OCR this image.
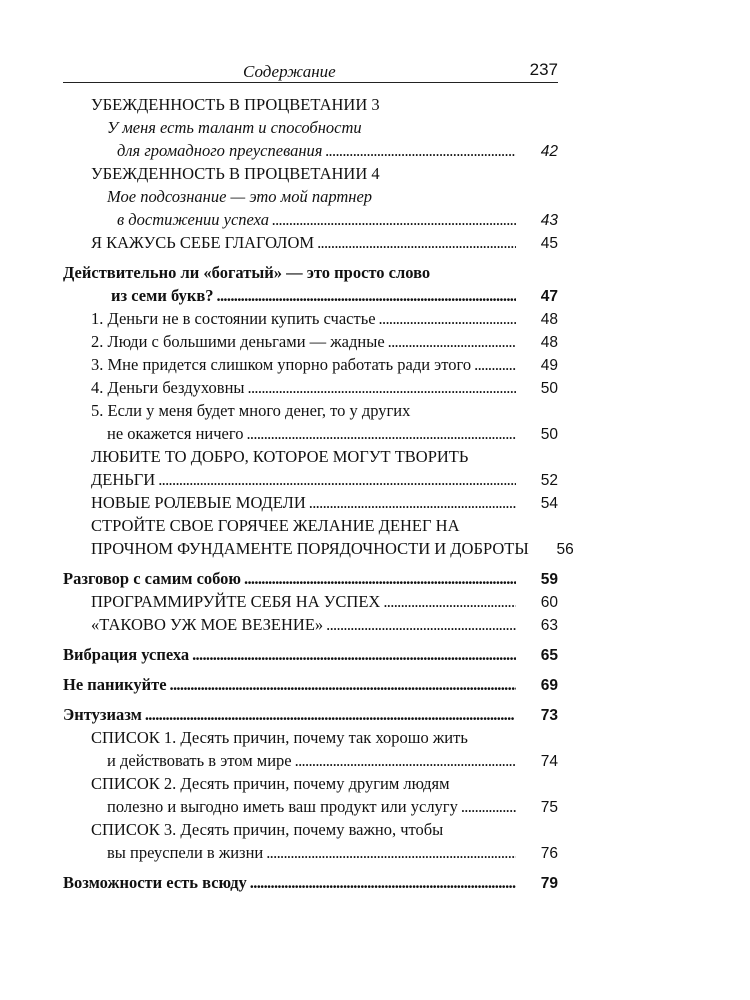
Содержание	237
УБЕЖДЕННОСТЬ В ПРОЦВЕТАНИИ 3
У меня есть талант и способности
для громадного преуспевания . . .	42
УБЕЖДЕННОСТЬ В ПРОЦВЕТАНИИ 4
Мое подсознание — это мой партнер
в достижении успеха . . .	43
Я КАЖУСЬ СЕБЕ ГЛАГОЛОМ . . .	45
Действительно ли «богатый» — это просто слово
из семи букв? . . .	47
1. Деньги не в состоянии купить счастье . . .	48
2. Люди с большими деньгами — жадные . . .	48
3. Мне придется слишком упорно работать ради этого . . .	49
4. Деньги бездуховны . . .	50
5. Если у меня будет много денег, то у других
не окажется ничего . . .	50
ЛЮБИТЕ ТО ДОБРО, КОТОРОЕ МОГУТ ТВОРИТЬ
ДЕНЬГИ . . .	52
НОВЫЕ РОЛЕВЫЕ МОДЕЛИ . . .	54
СТРОЙТЕ СВОЕ ГОРЯЧЕЕ ЖЕЛАНИЕ ДЕНЕГ НА
ПРОЧНОМ ФУНДАМЕНТЕ ПОРЯДОЧНОСТИ И ДОБРОТЫ	56
Разговор с самим собою . . .	59
ПРОГРАММИРУЙТЕ СЕБЯ НА УСПЕХ . . .	60
«ТАКОВО УЖ МОЕ ВЕЗЕНИЕ» . . .	63
Вибрация успеха . . .	65
Не паникуйте . . .	69
Энтузиазм . . .	73
СПИСОК 1. Десять причин, почему так хорошо жить
и действовать в этом мире . . .	74
СПИСОК 2. Десять причин, почему другим людям
полезно и выгодно иметь ваш продукт или услугу . . .	75
СПИСОК 3. Десять причин, почему важно, чтобы
вы преуспели в жизни . . .	76
Возможности есть всюду . . .	79
